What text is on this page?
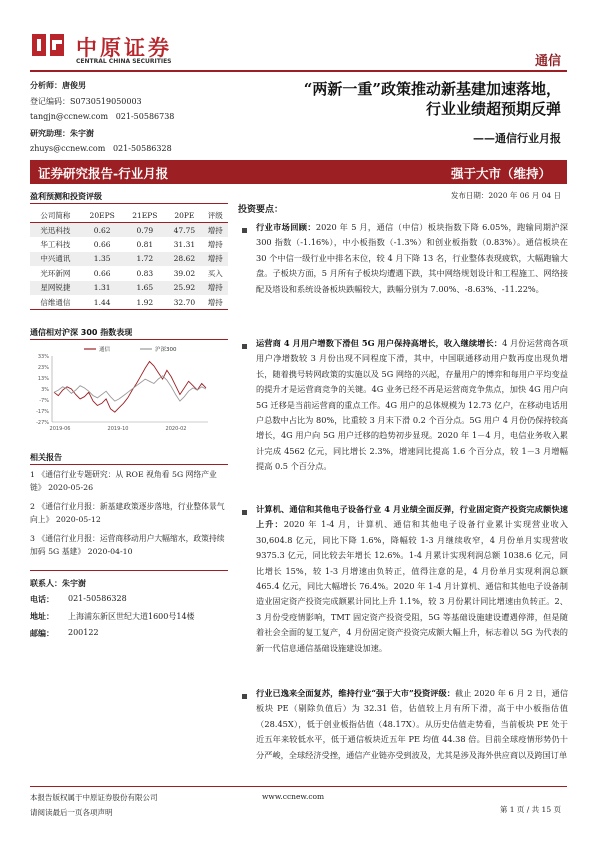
中原证券
CENTRAL CHINA SECURITIES	通信
分析师：唐俊男
登记编码：S0730519050003
tangjn@ccnew.com 021-50586738
研究助理：朱宇澍
zhuys@ccnew.com 021-50586328
“两新一重”政策推动新基建加速落地，
行业业绩超预期反弹
——通信行业月报
证券研究报告-行业月报	强于大市（维持）
发布日期：2020 年 06 月 04 日
盈利预测和投资评级
公司简称	20EPS	21EPS	20PE	评级
光迅科技	0.62	0.79	47.75	增持
华工科技	0.66	0.81	31.31	增持
中兴通讯	1.35	1.72	28.62	增持
光环新网	0.66	0.83	39.02	买入
星网锐捷	1.31	1.65	25.92	增持
信维通信	1.44	1.92	32.70	增持
通信相对沪深 300 指数表现
33%
23%
13%
3%
-7%
-17%
-27%
2019-06	2019-10	2020-02
通信	沪深300
相关报告
1 《通信行业专题研究：从 ROE 视角看 5G 网络产业链》 2020-05-26
2 《通信行业月报：新基建政策逐步落地，行业整体景气向上》 2020-05-12
3 《通信行业月报：运营商移动用户大幅缩水，政策持续加码 5G 基建》 2020-04-10
联系人：朱宇澍
电话： 021-50586328
地址： 上海浦东新区世纪大道1600号14楼
邮编： 200122
投资要点：
行业市场回顾：2020 年 5 月，通信（中信）板块指数下降 6.05%，跑输同期沪深 300 指数（-1.16%），中小板指数（-1.3%）和创业板指数（0.83%）。通信板块在 30 个中信一级行业中排名末位，较 4 月下降 13 名，行业整体表现疲软，大幅跑输大盘。子板块方面，5 月所有子板块均遭遇下跌，其中网络规划设计和工程施工、网络接配及塔设和系统设备板块跌幅较大，跌幅分别为 7.00%、-8.63%、-11.22%。
运营商 4 月用户增数下滑但 5G 用户保持高增长，收入继续增长：4 月份运营商各项用户净增数较 3 月份出现不同程度下滑，其中，中国联通移动用户数再度出现负增长，随着携号转网政策的实施以及 5G 网络的兴起，存量用户的博弈和每用户平均变益的提升才是运营商竞争的关键。4G 业务已经不再是运营商竞争焦点，加快 4G 用户向 5G 迁移是当前运营商的重点工作。4G 用户的总体规模为 12.73 亿户，在移动电话用户总数中占比为 80%，比重较 3 月末下滑 0.2 个百分点。5G 用户 4 月份仍保持较高增长，4G 用户向 5G 用户迁移的趋势初步显现。2020 年 1－4 月，电信业务收入累计完成 4562 亿元，同比增长 2.3%，增速同比提高 1.6 个百分点，较 1－3 月增幅提高 0.5 个百分点。
计算机、通信和其他电子设备行业 4 月业绩全面反弹，行业固定资产投资完成额快速上升：2020 年 1-4 月，计算机、通信和其他电子设备行业累计实现营业收入 30,604.8 亿元，同比下降 1.6%，降幅较 1-3 月继续收窄，4 月份单月实现营收 9375.3 亿元，同比较去年增长 12.6%。1-4 月累计实现利润总额 1038.6 亿元，同比增长 15%，较 1-3 月增速由负转正，值得注意的是，4 月份单月实现利润总额 465.4 亿元，同比大幅增长 76.4%。2020 年 1-4 月计算机、通信和其他电子设备制造业固定资产投资完成额累计同比上升 1.1%，较 3 月份累计同比增速由负转正。2、3 月份受疫情影响，TMT 固定资产投资受阻，5G 等基础设施建设遭遇停滞，但是随着社会全面的复工复产，4 月份固定资产投资完成额大幅上升，标志着以 5G 为代表的新一代信息通信基础设施建设加速。
行业已逸来全面复苏，维持行业“强于大市”投资评级：截止 2020 年 6 月 2 日，通信板块 PE（剔除负值后）为 32.31 倍，估值较上月有所下滑，高于中小板指估值（28.45X），低于创业板指估值（48.17X）。从历史估值走势看，当前板块 PE 处于近五年来较低水平，低于通信板块近五年 PE 均值 44.38 倍。目前全球疫情形势仍十分严峻，全球经济受挫，通信产业链亦受到波及，尤其是涉及海外供应商以及跨国订单
本报告版权属于中原证券股份有限公司	www.ccnew.com
请阅读最后一页各项声明	第 1 页 / 共 15 页
